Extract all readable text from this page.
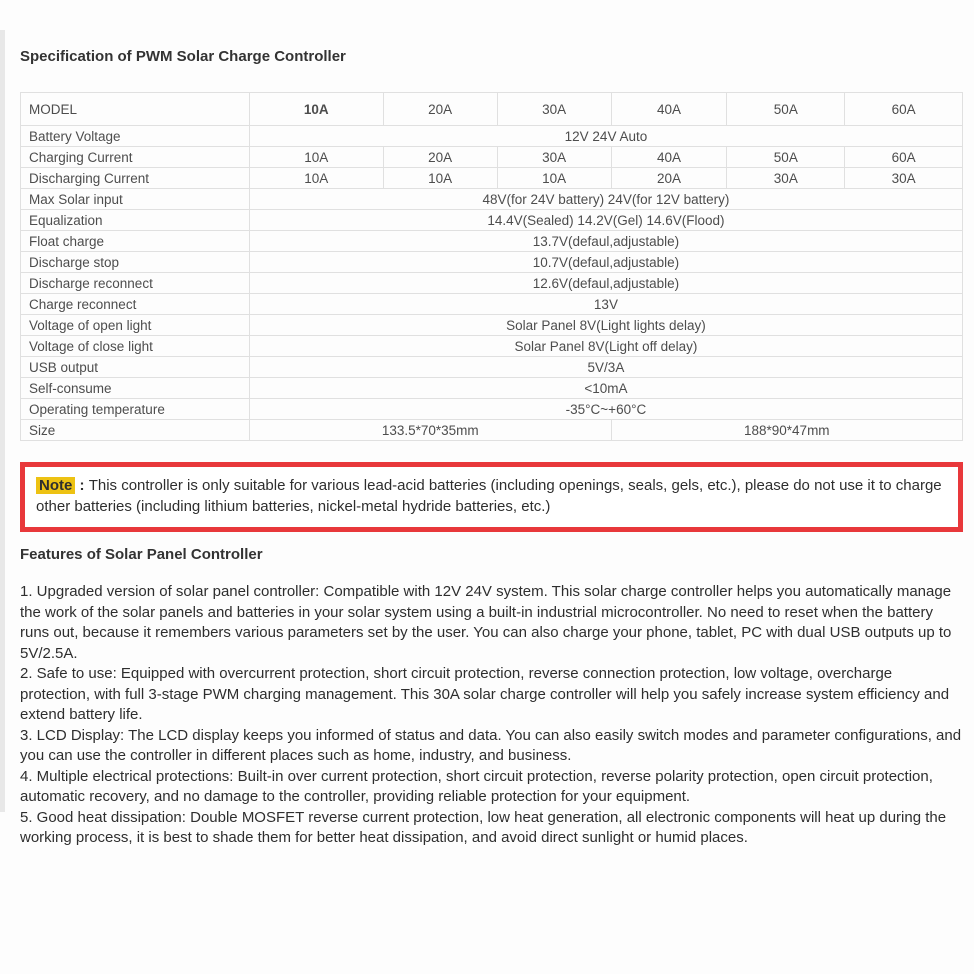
Specification of PWM Solar Charge Controller
MODEL	10A	20A	30A	40A	50A	60A
Battery Voltage	12V 24V Auto					
Charging Current	10A	20A	30A	40A	50A	60A
Discharging Current	10A	10A	10A	20A	30A	30A
Max Solar input	48V(for 24V battery) 24V(for 12V battery)					
Equalization	14.4V(Sealed) 14.2V(Gel) 14.6V(Flood)					
Float charge	13.7V(defaul,adjustable)					
Discharge stop	10.7V(defaul,adjustable)					
Discharge reconnect	12.6V(defaul,adjustable)					
Charge reconnect	13V					
Voltage of open light	Solar Panel 8V(Light lights delay)					
Voltage of close light	Solar Panel 8V(Light off delay)					
USB output	5V/3A					
Self-consume	<10mA					
Operating temperature	-35°C~+60°C					
Size	133.5*70*35mm			188*90*47mm		
Note : This controller is only suitable for various lead-acid batteries (including openings, seals, gels, etc.), please do not use it to charge other batteries (including lithium batteries, nickel-metal hydride batteries, etc.)
Features of Solar Panel Controller
1. Upgraded version of solar panel controller: Compatible with 12V 24V system. This solar charge controller helps you automatically manage the work of the solar panels and batteries in your solar system using a built-in industrial microcontroller. No need to reset when the battery runs out, because it remembers various parameters set by the user. You can also charge your phone, tablet, PC with dual USB outputs up to 5V/2.5A.
2. Safe to use: Equipped with overcurrent protection, short circuit protection, reverse connection protection, low voltage, overcharge protection, with full 3-stage PWM charging management. This 30A solar charge controller will help you safely increase system efficiency and extend battery life.
3. LCD Display: The LCD display keeps you informed of status and data. You can also easily switch modes and parameter configurations, and you can use the controller in different places such as home, industry, and business.
4. Multiple electrical protections: Built-in over current protection, short circuit protection, reverse polarity protection, open circuit protection, automatic recovery, and no damage to the controller, providing reliable protection for your equipment.
5. Good heat dissipation: Double MOSFET reverse current protection, low heat generation, all electronic components will heat up during the working process, it is best to shade them for better heat dissipation, and avoid direct sunlight or humid places.
